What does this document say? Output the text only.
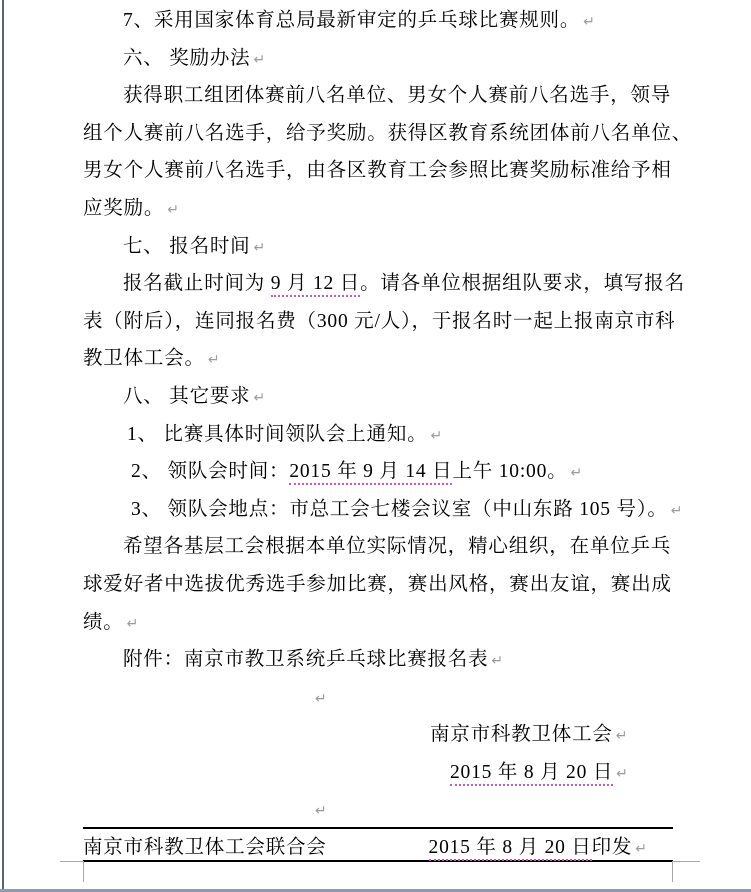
7、采用国家体育总局最新审定的乒乓球比赛规则。 ↵
六、 奖励办法 ↵
获得职工组团体赛前八名单位、男女个人赛前八名选手，领导
组个人赛前八名选手，给予奖励。获得区教育系统团体前八名单位、
男女个人赛前八名选手，由各区教育工会参照比赛奖励标准给予相
应奖励。 ↵
七、 报名时间 ↵
报名截止时间为 9 月 12 日。请各单位根据组队要求，填写报名
表（附后），连同报名费（300 元/人），于报名时一起上报南京市科
教卫体工会。 ↵
八、 其它要求 ↵
1、 比赛具体时间领队会上通知。 ↵
2、 领队会时间：2015 年 9 月 14 日上午 10:00。 ↵
3、 领队会地点：市总工会七楼会议室（中山东路 105 号）。 ↵
希望各基层工会根据本单位实际情况，精心组织，在单位乒乓
球爱好者中选拔优秀选手参加比赛，赛出风格，赛出友谊，赛出成
绩。 ↵
附件：南京市教卫系统乒乓球比赛报名表 ↵
↵
南京市科教卫体工会 ↵
2015 年 8 月 20 日 ↵
↵
南京市科教卫体工会联合会	2015 年 8 月 20 日印发 ↵
